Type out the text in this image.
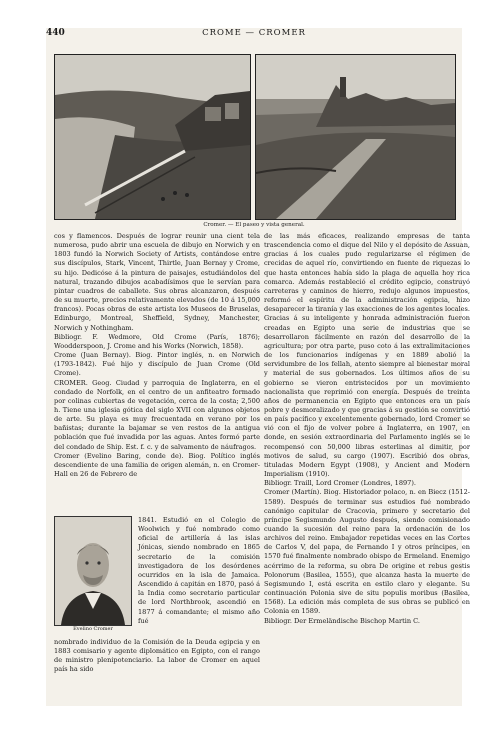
440	CROME — CROMER
Cromer. — El paseo y vista general.

cos y flamencos. Después de lograr reunir una cient tela numerosa, pudo abrir una escuela de dibujo en Norwich y en 1803 fundó la Norwich Society of Artists, contándose entre sus discípulos, Stark, Vincent, Thirtle, Juan Bernay y Crome, su hijo. Dedicóse á la pintura de paisajes, estudiándolos del natural, trazando dibujos acabadísimos que le servían para pintar cuadros de caballete. Sus obras alcanzaron, después de su muerte, precios relativamente elevados (de 10 á 15,000 francos). Pocas obras de este artista los Museos de Bruselas, Edinburgo, Montreal, Sheffield, Sydney, Manchester, Norwich y Nothingham.

Bibliogr. F. Wedmore, Old Crome (París, 1876); Woodderspoon, J. Crome and his Works (Norwich, 1858).

Crome (Juan Bernay). Biog. Pintor inglés, n. en Norwich (1793-1842). Fué hijo y discípulo de Juan Crome (Old Crome).

CROMER. Geog. Ciudad y parroquia de Inglaterra, en el condado de Norfolk, en el centro de un anfiteatro formado por colinas cubiertas de vegetación, cerca de la costa; 2,500 h. Tiene una iglesia gótica del siglo XVII con algunos objetos de arte. Su playa es muy frecuentada en verano por los bañistas; durante la bajamar se ven restos de la antigua población que fué invadida por las aguas. Antes formó parte del condado de Ship. Est. f. c. y de salvamento de náufragos.

Cromer (Evelino Baring, conde de). Biog. Político inglés descendiente de una familia de origen alemán, n. en Cromer-Hall en 26 de Febrero de

Evelino Cromer
1841. Estudió en el Colegio de Woolwich y fué nombrado como oficial de artillería á las islas Jónicas, siendo nombrado en 1865 secretario de la comisión investigadora de los desórdenes ocurridos en la isla de Jamaica. Ascendido á capitán en 1870, pasó á la India como secretario particular de lord Northbrook, ascendió en 1877 á comandante; el mismo año fué
nombrado individuo de la Comisión de la Deuda egipcia y en 1883 comisario y agente diplomático en Egipto, con el rango de ministro plenipotenciario. La labor de Cromer en aquel país ha sido

de las más eficaces, realizando empresas de tanta trascendencia como el dique del Nilo y el depósito de Assuan, gracias á los cuales pudo regularizarse el régimen de crecidas de aquel río, convirtiendo en fuente de riquezas lo que hasta entonces había sido la plaga de aquella hoy rica comarca. Además restableció el crédito egipcio, construyó carreteras y caminos de hierro, redujo algunos impuestos, reformó el espíritu de la administración egipcia, hizo desaparecer la tiranía y las exacciones de los agentes locales. Gracias á su inteligente y honrada administración fueron creadas en Egipto una serie de industrias que se desarrollaron fácilmente en razón del desarrollo de la agricultura; por otra parte, puso coto á las extralimitaciones de los funcionarios indígenas y en 1889 abolió la servidumbre de los fellah, atento siempre al bienestar moral y material de sus gobernados. Los últimos años de su gobierno se vieron entristecidos por un movimiento nacionalista que reprimió con energía. Después de treinta años de permanencia en Egipto que entonces era un país pobre y desmoralizado y que gracias á su gestión se convirtió en país pacífico y excelentemente gobernado, lord Cromer se vió con el fijo de volver pobre á Inglaterra, en 1907, en donde, en sesión extraordinaria del Parlamento inglés se le recompensó con 50,000 libras esterlinas al dimitir, por motivos de salud, su cargo (1907). Escribió dos obras, tituladas Modern Egypt (1908), y Ancient and Modern Imperialism (1910).

Bibliogr. Traill, Lord Cromer (Londres, 1897).

Cromer (Martín). Biog. Historiador polaco, n. en Biecz (1512-1589). Después de terminar sus estudios fué nombrado canónigo capitular de Cracovia, primero y secretario del príncipe Segismundo Augusto después, siendo comisionado cuando la sucesión del reino para la ordenación de los archivos del reino. Embajador repetidas veces en las Cortes de Carlos V, del papa, de Fernando I y otros príncipes, en 1570 fué finalmente nombrado obispo de Ermeland. Enemigo acérrimo de la reforma, su obra De origine et rebus gestis Polonorum (Basilea, 1555), que alcanza hasta la muerte de Segismundo I, está escrita en estilo claro y elegante. Su continuación Polonia sive de situ populis moribus (Basilea, 1568). La edición más completa de sus obras se publicó en Colonia en 1589.

Bibliogr. Der Ermeländische Bischop Martin C.
